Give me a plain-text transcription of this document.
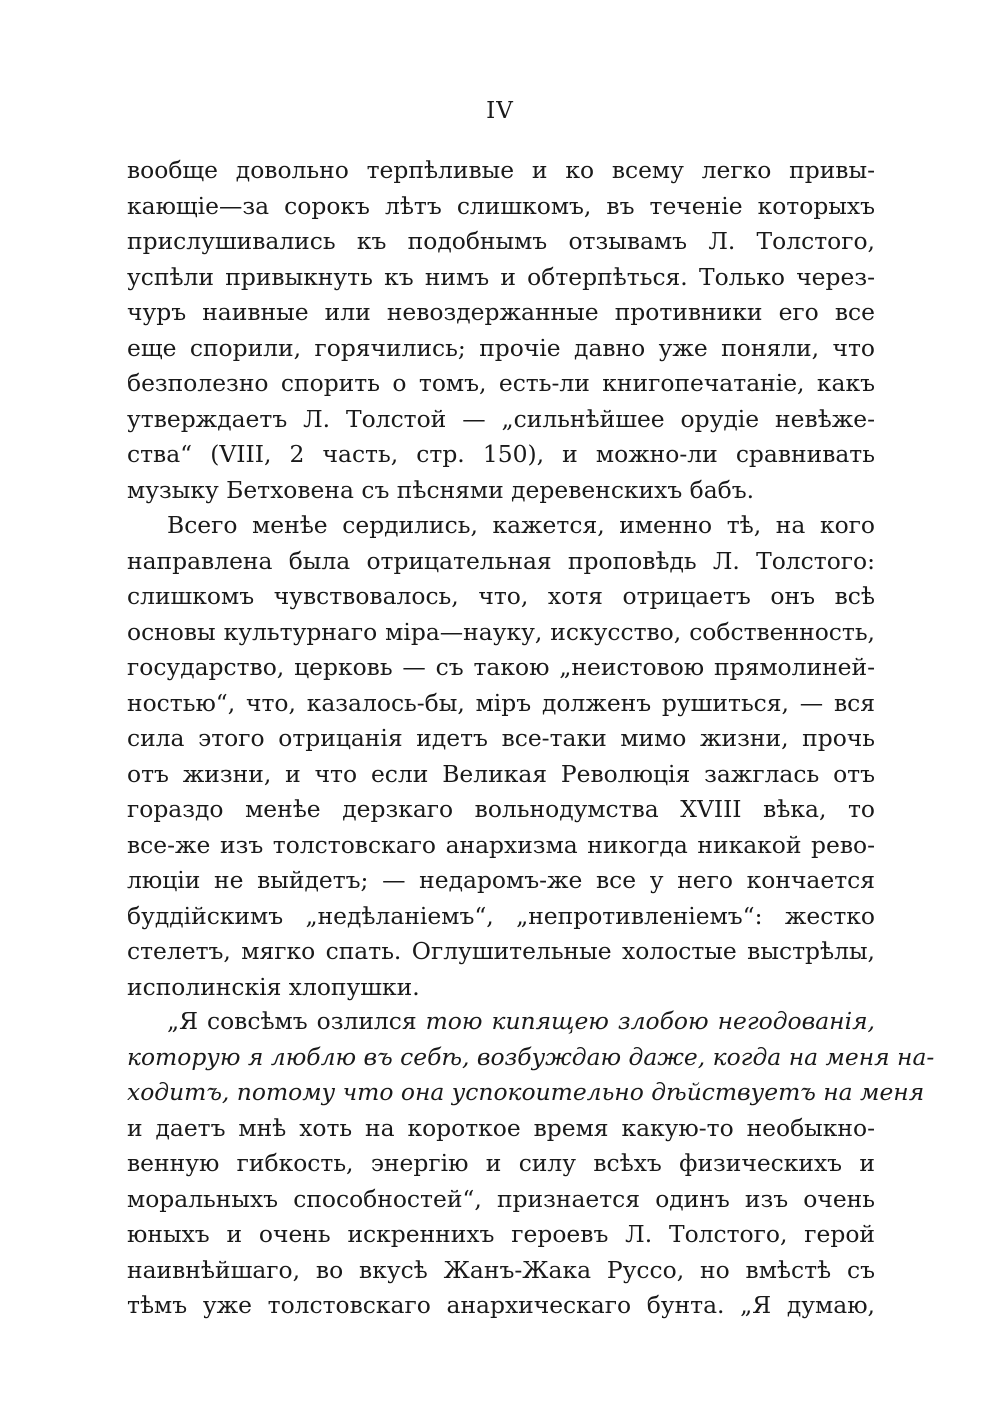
IV
вообще довольно терпѣливые и ко всему легко привы-
кающіе—за сорокъ лѣтъ слишкомъ, въ теченіе которыхъ
прислушивались къ подобнымъ отзывамъ Л. Толстого,
успѣли привыкнуть къ нимъ и обтерпѣться. Только через-
чуръ наивные или невоздержанные противники его все
еще спорили, горячились; прочіе давно уже поняли, что
безполезно спорить о томъ, есть-ли книгопечатаніе, какъ
утверждаетъ Л. Толстой — „сильнѣйшее орудіе невѣже-
ства“ (VIII, 2 часть, стр. 150), и можно-ли сравнивать
музыку Бетховена съ пѣснями деревенскихъ бабъ.
Всего менѣе сердились, кажется, именно тѣ, на кого
направлена была отрицательная проповѣдь Л. Толстого:
слишкомъ чувствовалось, что, хотя отрицаетъ онъ всѣ
основы культурнаго міра—науку, искусство, собственность,
государство, церковь — съ такою „неистовою прямолиней-
ностью“, что, казалось-бы, міръ долженъ рушиться, — вся
сила этого отрицанія идетъ все-таки мимо жизни, прочь
отъ жизни, и что если Великая Революція зажглась отъ
гораздо менѣе дерзкаго вольнодумства XVIII вѣка, то
все-же изъ толстовскаго анархизма никогда никакой рево-
люціи не выйдетъ; — недаромъ-же все у него кончается
буддійскимъ „недѣланіемъ“, „непротивленіемъ“: жестко
стелетъ, мягко спать. Оглушительные холостые выстрѣлы,
исполинскія хлопушки.
„Я совсѣмъ озлился тою кипящею злобою негодованія,
которую я люблю въ себѣ, возбуждаю даже, когда на меня на-
ходитъ, потому что она успокоительно дѣйствуетъ на меня
и даетъ мнѣ хоть на короткое время какую-то необыкно-
венную гибкость, энергію и силу всѣхъ физическихъ и
моральныхъ способностей“, признается одинъ изъ очень
юныхъ и очень искреннихъ героевъ Л. Толстого, герой
наивнѣйшаго, во вкусѣ Жанъ-Жака Руссо, но вмѣстѣ съ
тѣмъ уже толстовскаго анархическаго бунта. „Я думаю,
